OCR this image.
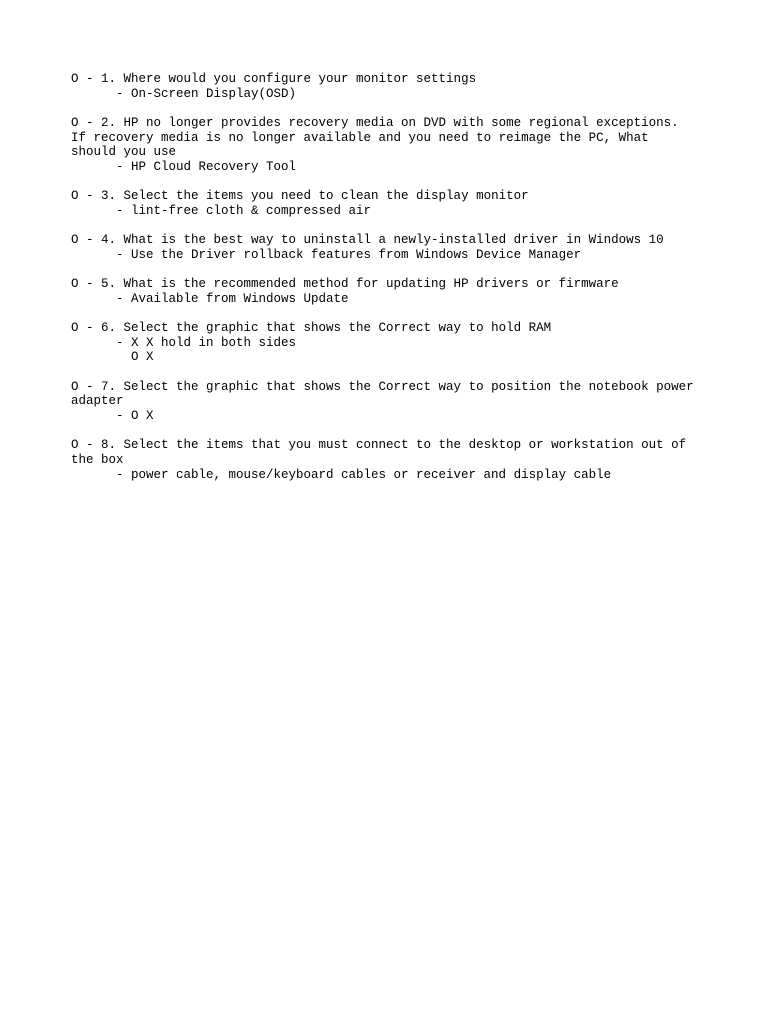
O - 1. Where would you configure your monitor settings
- On-Screen Display(OSD)
O - 2. HP no longer provides recovery media on DVD with some regional exceptions.
If recovery media is no longer available and you need to reimage the PC, What
should you use
- HP Cloud Recovery Tool
O - 3. Select the items you need to clean the display monitor
- lint-free cloth & compressed air
O - 4. What is the best way to uninstall a newly-installed driver in Windows 10
- Use the Driver rollback features from Windows Device Manager
O - 5. What is the recommended method for updating HP drivers or firmware
- Available from Windows Update
O - 6. Select the graphic that shows the Correct way to hold RAM
- X X hold in both sides
O X
O - 7. Select the graphic that shows the Correct way to position the notebook power
adapter
- O X
O - 8. Select the items that you must connect to the desktop or workstation out of
the box
- power cable, mouse/keyboard cables or receiver and display cable
